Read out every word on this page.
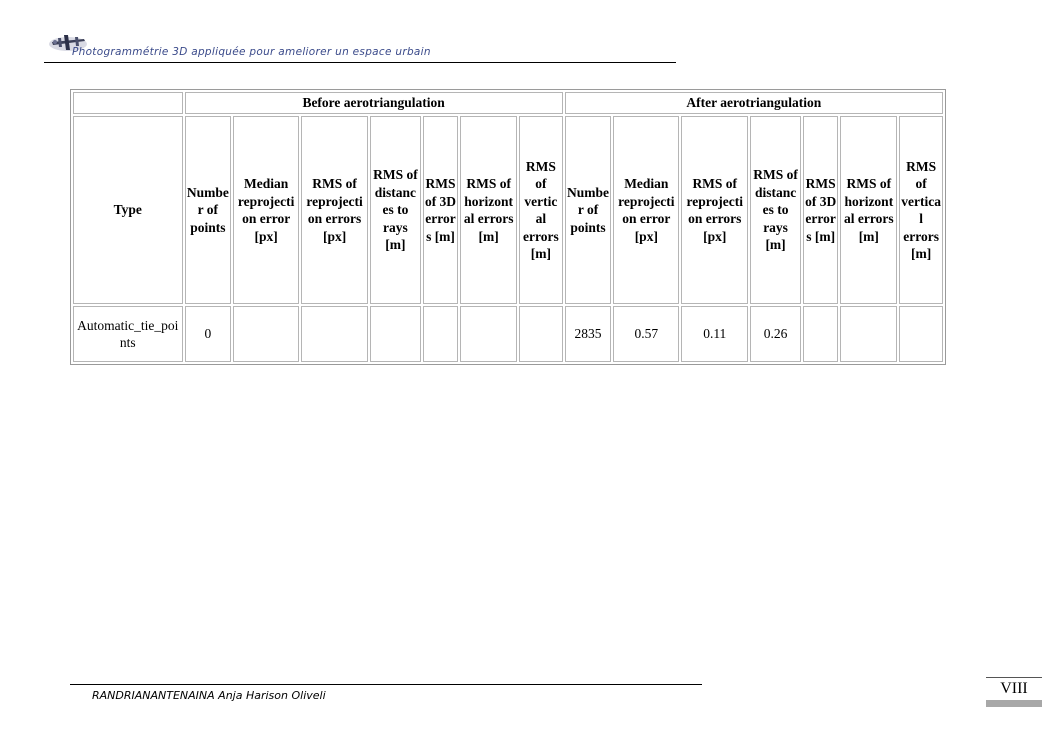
Photogrammétrie 3D appliquée pour ameliorer un espace urbain
	Before aerotriangulation							After aerotriangulation						
Type	Number of points	Median reprojection error [px]	RMS of reprojection errors [px]	RMS of distances to rays [m]	RMS of 3D errors [m]	RMS of horizontal errors [m]	RMS of vertical errors [m]	Number of points	Median reprojection error [px]	RMS of reprojection errors [px]	RMS of distances to rays [m]	RMS of 3D errors [m]	RMS of horizontal errors [m]	RMS of vertical errors [m]
Automatic_tie_points	0							2835	0.57	0.11	0.26			
RANDRIANANTENAINA Anja Harison Oliveli	VIII
